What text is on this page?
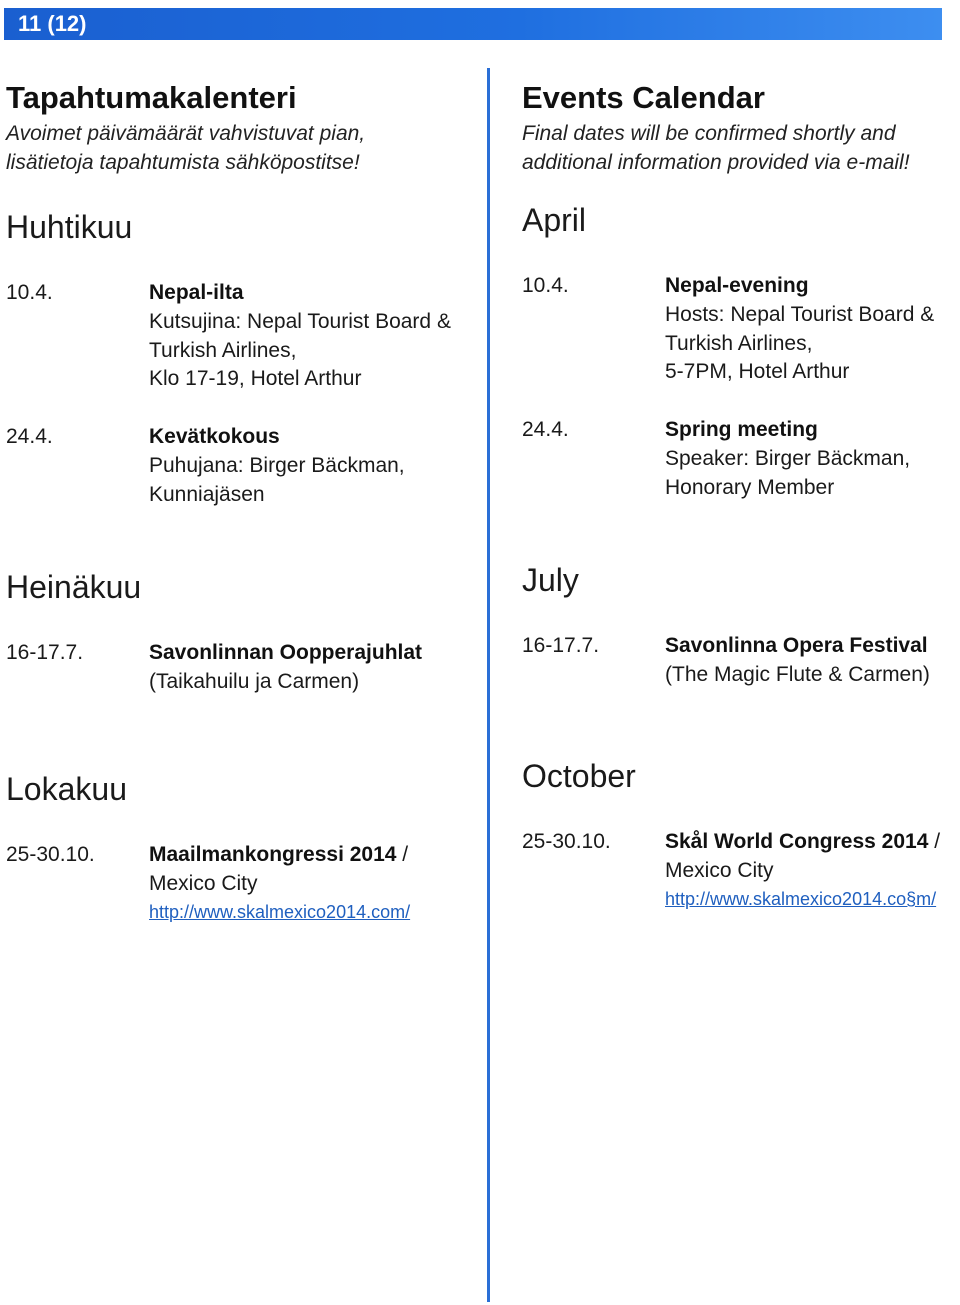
11 (12)
Tapahtumakalenteri
Avoimet päivämäärät vahvistuvat pian,
lisätietoja tapahtumista sähköpostitse!
Huhtikuu
10.4.	Nepal-ilta
Kutsujina: Nepal Tourist Board &
Turkish Airlines,
Klo 17-19, Hotel Arthur
24.4.	Kevätkokous
Puhujana: Birger Bäckman,
Kunniajäsen
Heinäkuu
16-17.7.	Savonlinnan Oopperajuhlat
(Taikahuilu ja Carmen)
Lokakuu
25-30.10.	Maailmankongressi 2014 /
Mexico City
http://www.skalmexico2014.com/
Events Calendar
Final dates will be confirmed shortly and
additional information provided via e-mail!
April
10.4.	Nepal-evening
Hosts: Nepal Tourist Board &
Turkish Airlines,
5-7PM, Hotel Arthur
24.4.	Spring meeting
Speaker: Birger Bäckman,
Honorary Member
July
16-17.7.	Savonlinna Opera Festival
(The Magic Flute & Carmen)
October
25-30.10.	Skål World Congress 2014 /
Mexico City
http://www.skalmexico2014.co§m/
